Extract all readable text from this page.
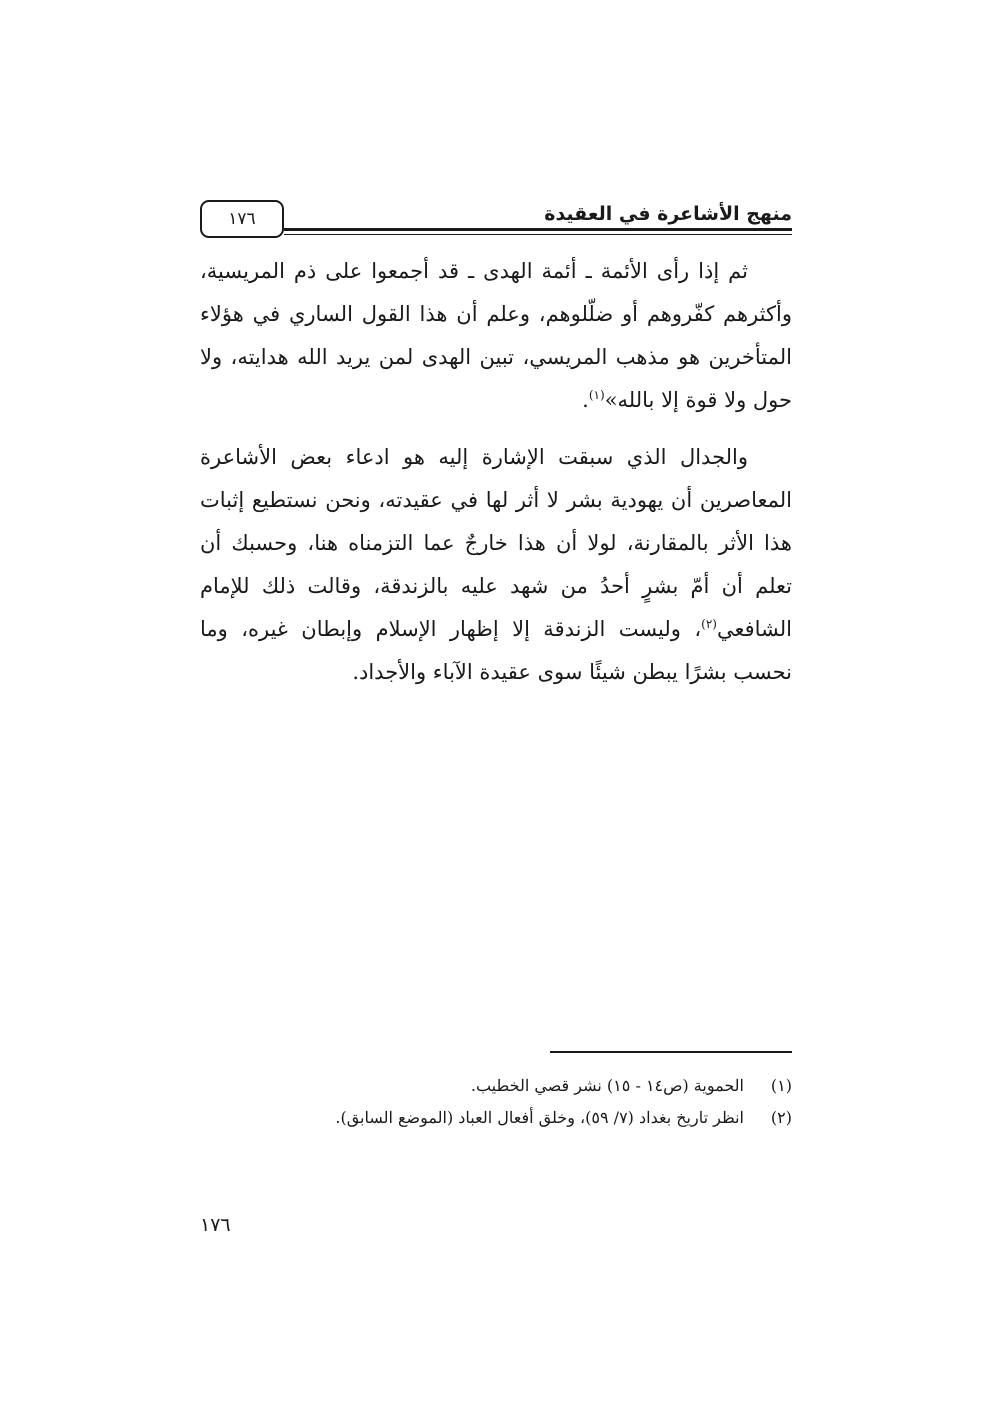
١٧٦	منهج الأشاعرة في العقيدة

ثم إذا رأى الأئمة ـ أئمة الهدى ـ قد أجمعوا على ذم المريسية، وأكثرهم كفّروهم أو ضلّلوهم، وعلم أن هذا القول الساري في هؤلاء المتأخرين هو مذهب المريسي، تبين الهدى لمن يريد الله هدايته، ولا حول ولا قوة إلا بالله»$^{(١)}$.

والجدال الذي سبقت الإشارة إليه هو ادعاء بعض الأشاعرة المعاصرين أن يهودية بشر لا أثر لها في عقيدته، ونحن نستطيع إثبات هذا الأثر بالمقارنة، لولا أن هذا خارجٌ عما التزمناه هنا، وحسبك أن تعلم أن أمّ بشرٍ أحدُ من شهد عليه بالزندقة، وقالت ذلك للإمام الشافعي$^{(٢)}$، وليست الزندقة إلا إظهار الإسلام وإبطان غيره، وما نحسب بشرًا يبطن شيئًا سوى عقيدة الآباء والأجداد.

(١)الحموية (ص١٤ - ١٥) نشر قصي الخطيب.
(٢)انظر تاريخ بغداد (٧/ ٥٩)، وخلق أفعال العباد (الموضع السابق).
١٧٦
